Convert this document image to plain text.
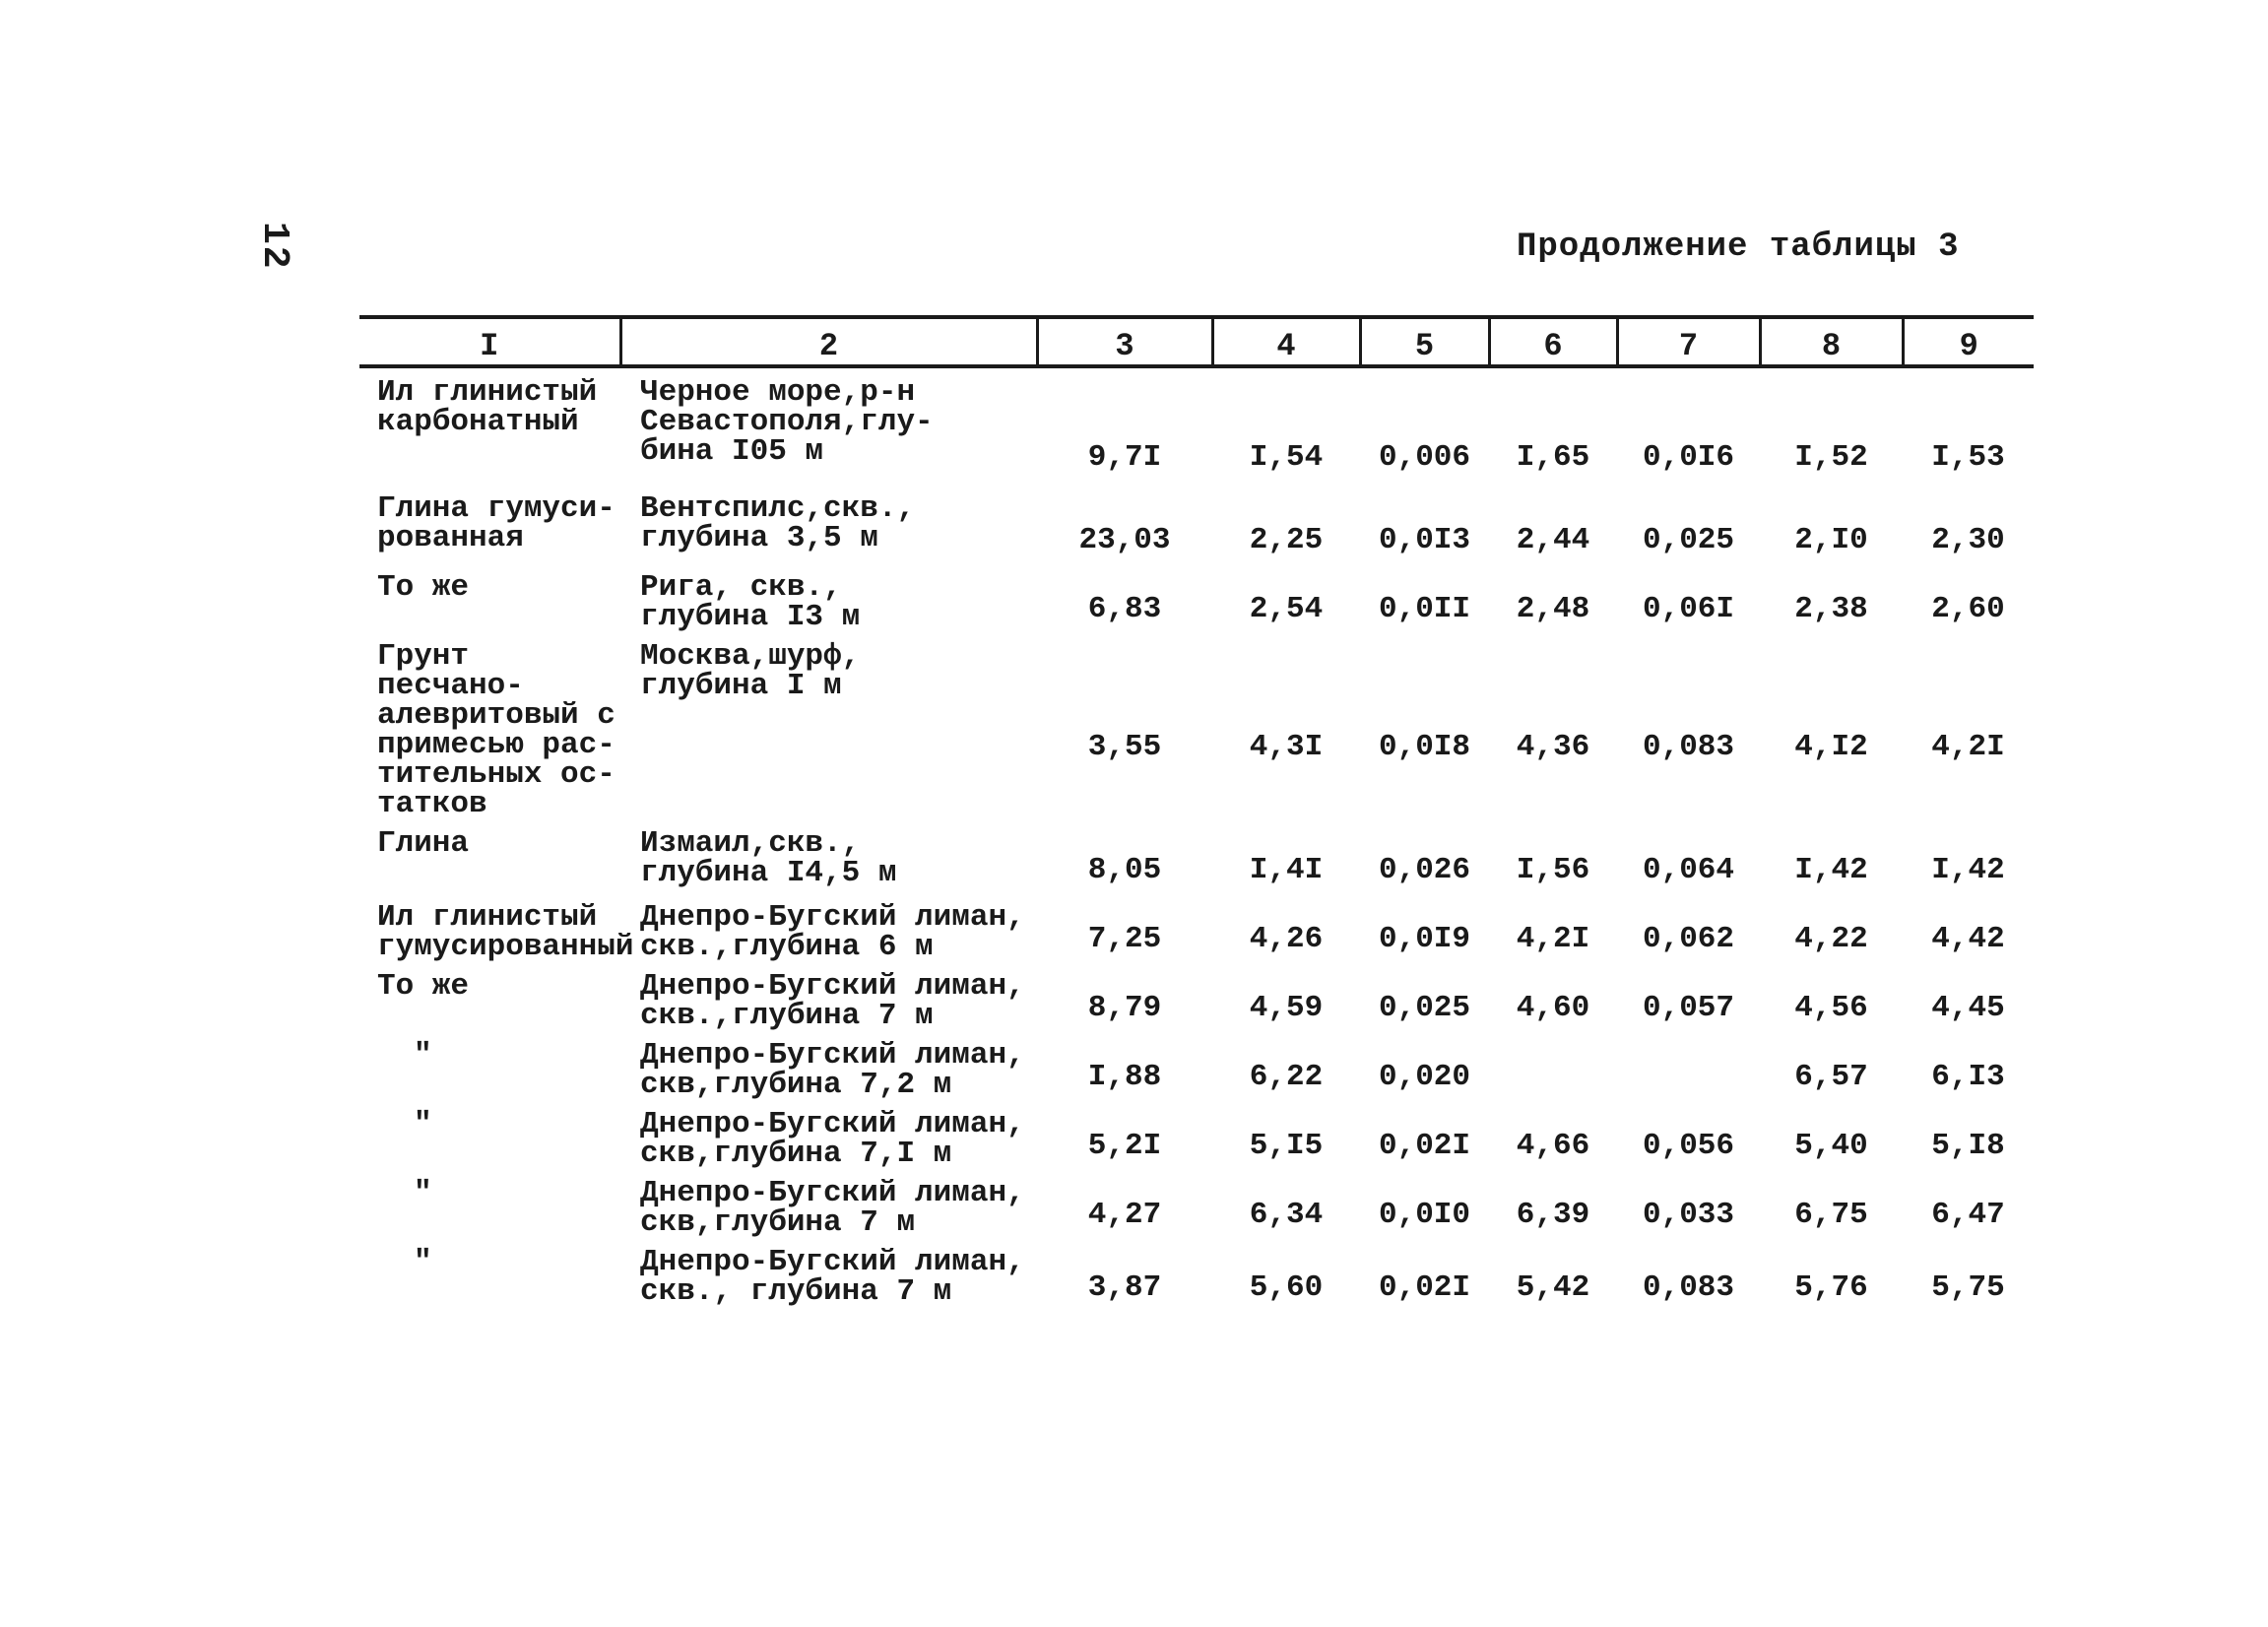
12	Продолжение таблицы 3
I	2	3	4	5	6	7	8	9
Ил глинистый
карбонатный	Черное море,р-н
Севастополя,глу-
бина I05 м	9,7I	I,54	0,006	I,65	0,0I6	I,52	I,53
Глина гумуси-
рованная	Вентспилс,скв.,
глубина 3,5 м	23,03	2,25	0,0I3	2,44	0,025	2,I0	2,30
То же	Рига, скв.,
глубина I3 м	6,83	2,54	0,0II	2,48	0,06I	2,38	2,60
Грунт песчано-
алевритовый с
примесью рас-
тительных ос-
татков	Москва,шурф,
глубина I м	3,55	4,3I	0,0I8	4,36	0,083	4,I2	4,2I
Глина	Измаил,скв.,
глубина I4,5 м	8,05	I,4I	0,026	I,56	0,064	I,42	I,42
Ил глинистый
гумусированный	Днепро-Бугский лиман,
скв.,глубина 6 м	7,25	4,26	0,0I9	4,2I	0,062	4,22	4,42
То же	Днепро-Бугский лиман,
скв.,глубина 7 м	8,79	4,59	0,025	4,60	0,057	4,56	4,45
"	Днепро-Бугский лиман,
скв,глубина 7,2 м	I,88	6,22	0,020			6,57	6,I3
"	Днепро-Бугский лиман,
скв,глубина 7,I м	5,2I	5,I5	0,02I	4,66	0,056	5,40	5,I8
"	Днепро-Бугский лиман,
скв,глубина 7 м	4,27	6,34	0,0I0	6,39	0,033	6,75	6,47
"	Днепро-Бугский лиман,
скв., глубина 7 м	3,87	5,60	0,02I	5,42	0,083	5,76	5,75
